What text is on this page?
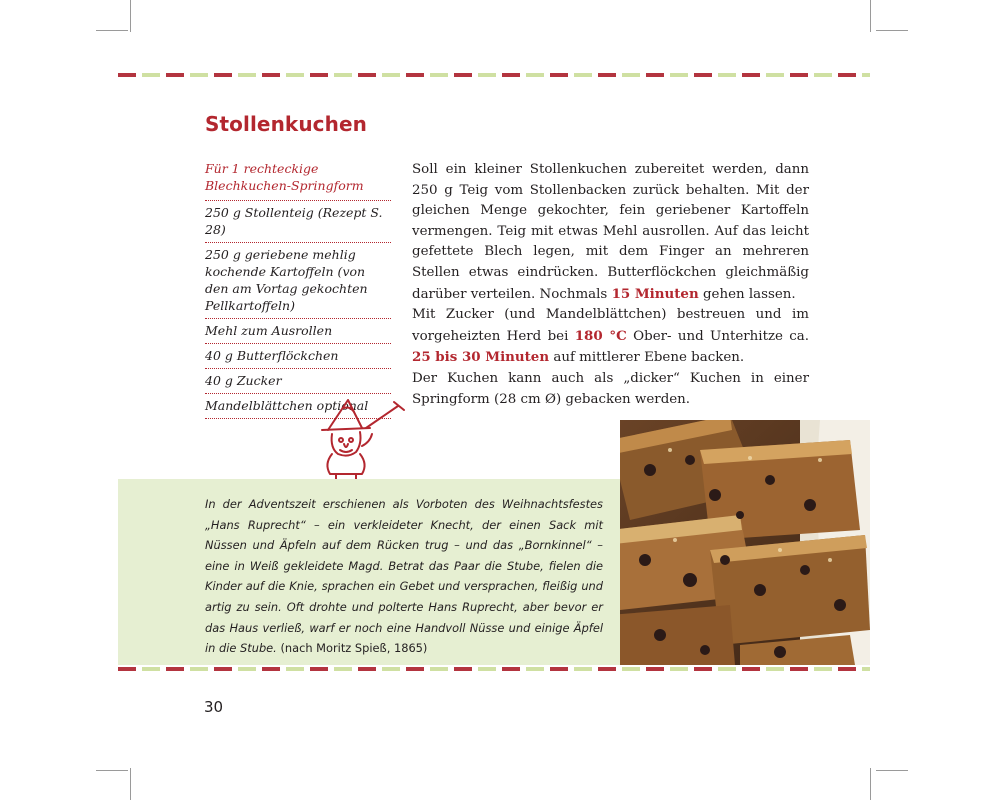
Stollenkuchen
Für 1 rechteckige Blechkuchen-Springform
250 g Stollenteig (Rezept S. 28)
250 g geriebene mehlig kochende Kartoffeln (von den am Vortag gekochten Pellkartoffeln)
Mehl zum Ausrollen
40 g Butterflöckchen
40 g Zucker
Mandelblättchen optional

Soll ein kleiner Stollenkuchen zubereitet werden, dann 250 g Teig vom Stollenbacken zurück behalten. Mit der gleichen Menge gekochter, fein geriebener Kartoffeln vermengen. Teig mit etwas Mehl ausrollen. Auf das leicht gefettete Blech legen, mit dem Finger an mehreren Stellen etwas eindrücken. Butterflöckchen gleichmäßig darüber verteilen. Nochmals 15 Minuten gehen lassen.

Mit Zucker (und Mandelblättchen) bestreuen und im vorgeheizten Herd bei 180 °C Ober- und Unterhitze ca. 25 bis 30 Minuten auf mittlerer Ebene backen.

Der Kuchen kann auch als „dicker“ Kuchen in einer Springform (28 cm Ø) gebacken werden.

In der Adventszeit erschienen als Vorboten des Weihnachtsfestes „Hans Ruprecht“ – ein verkleideter Knecht, der einen Sack mit Nüssen und Äpfeln auf dem Rücken trug – und das „Bornkinnel“ – eine in Weiß gekleidete Magd. Betrat das Paar die Stube, fielen die Kinder auf die Knie, sprachen ein Gebet und versprachen, fleißig und artig zu sein. Oft drohte und polterte Hans Ruprecht, aber bevor er das Haus verließ, warf er noch eine Handvoll Nüsse und einige Äpfel in die Stube. (nach Moritz Spieß, 1865)
30
